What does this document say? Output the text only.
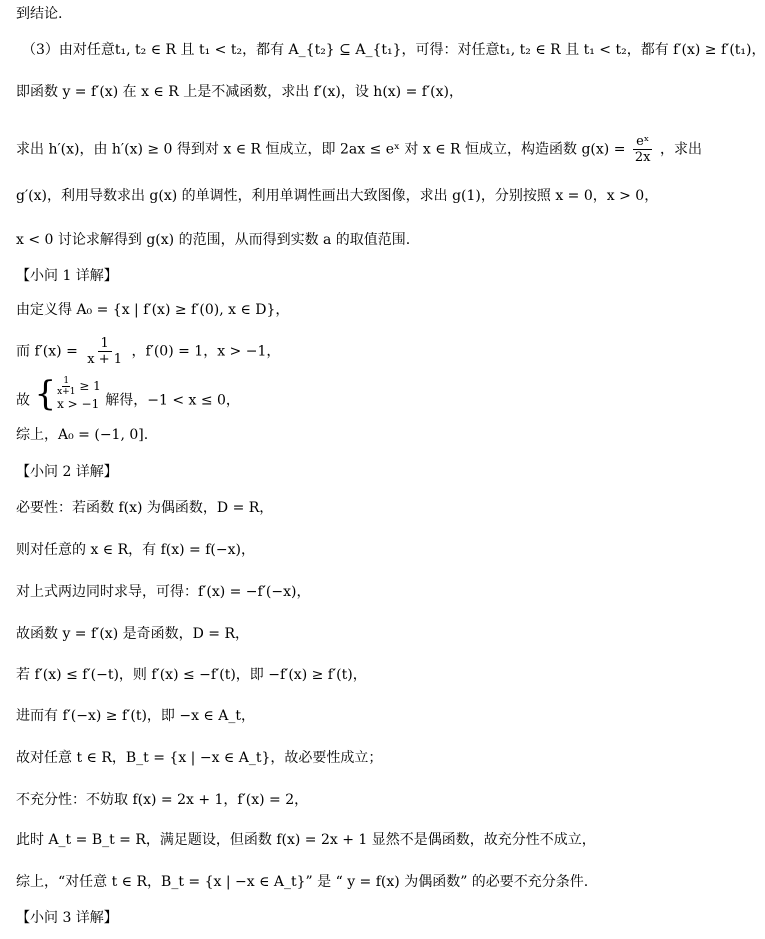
到结论.
（3）由对任意t₁, t₂ ∈ R 且 t₁ < t₂，都有 A_{t₂} ⊆ A_{t₁}，可得：对任意t₁, t₂ ∈ R 且 t₁ < t₂，都有 f′(x) ≥ f′(t₁)，
即函数 y = f′(x) 在 x ∈ R 上是不减函数，求出 f′(x)，设 h(x) = f′(x)，
求出 h′(x)，由 h′(x) ≥ 0 得到对 x ∈ R 恒成立，即 2ax ≤ eˣ 对 x ∈ R 恒成立，构造函数 $g(x) = \frac{\text{eˣ}}{2x}$ ，求出
g′(x)，利用导数求出 g(x) 的单调性，利用单调性画出大致图像，求出 g(1)，分别按照 x = 0，x > 0，
x < 0 讨论求解得到 g(x) 的范围，从而得到实数 a 的取值范围.
【小问 1 详解】
由定义得 A₀ = {x | f′(x) ≥ f′(0), x ∈ D}，
而 $f'(x) = \frac{1}{x + 1}$ ，f′(0) = 1，x > −1，
故 { $\frac{1}{x+1} \ge 1$
x > −1 解得，−1 < x ≤ 0，
综上，A₀ = (−1, 0].
【小问 2 详解】
必要性：若函数 f(x) 为偶函数，D = R，
则对任意的 x ∈ R，有 f(x) = f(−x)，
对上式两边同时求导，可得：f′(x) = −f′(−x)，
故函数 y = f′(x) 是奇函数，D = R，
若 f′(x) ≤ f′(−t)，则 f′(x) ≤ −f′(t)，即 −f′(x) ≥ f′(t)，
进而有 f′(−x) ≥ f′(t)，即 −x ∈ A_t，
故对任意 t ∈ R，B_t = {x | −x ∈ A_t}，故必要性成立；
不充分性：不妨取 f(x) = 2x + 1，f′(x) = 2，
此时 A_t = B_t = R，满足题设，但函数 f(x) = 2x + 1 显然不是偶函数，故充分性不成立，
综上，“对任意 t ∈ R，B_t = {x | −x ∈ A_t}” 是 “ y = f(x) 为偶函数” 的必要不充分条件.
【小问 3 详解】
